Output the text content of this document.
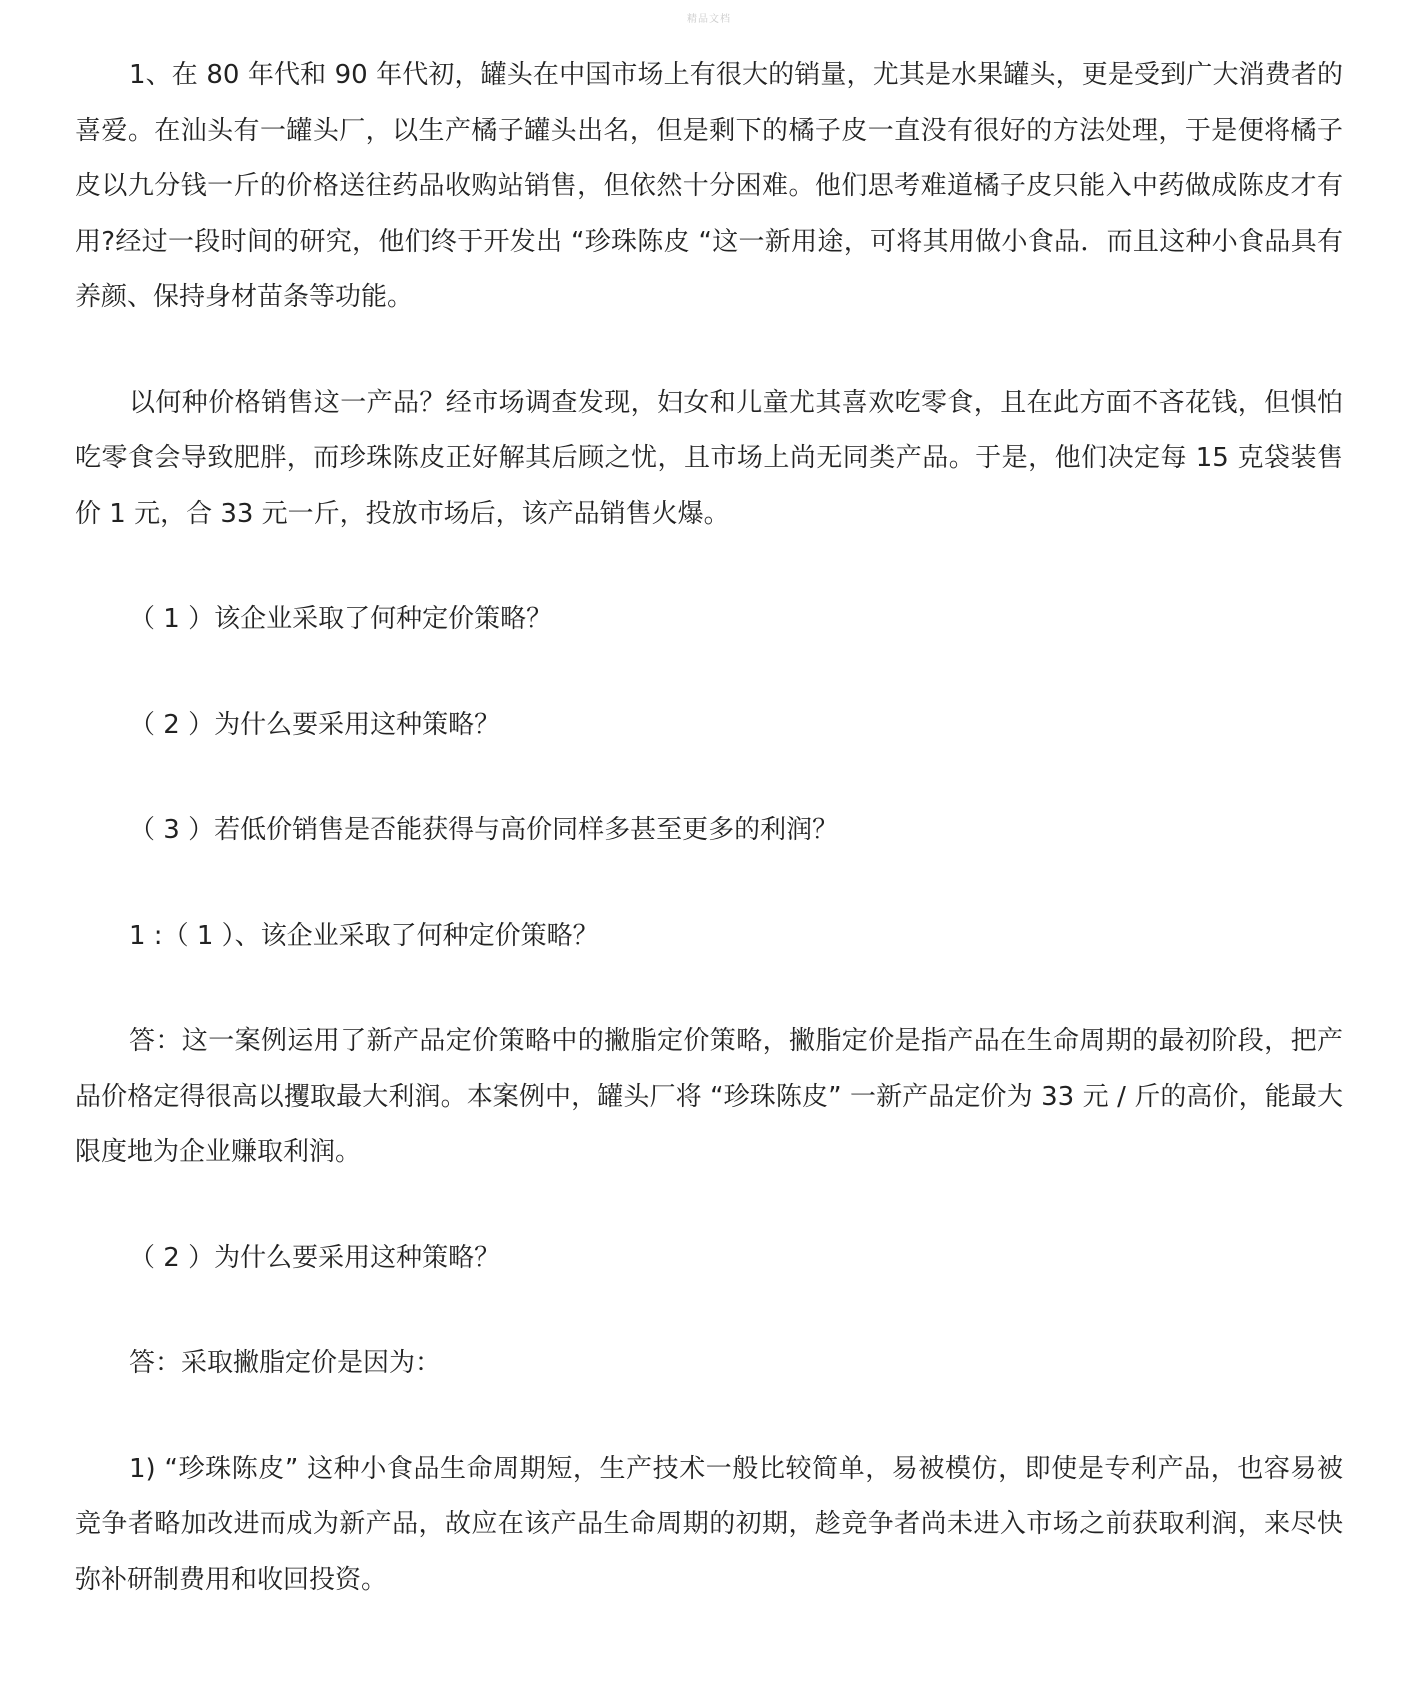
精品文档

1、在 80 年代和 90 年代初，罐头在中国市场上有很大的销量，尤其是水果罐头，更是受到广大消费者的喜爱。在汕头有一罐头厂，以生产橘子罐头出名，但是剩下的橘子皮一直没有很好的方法处理，于是便将橘子皮以九分钱一斤的价格送往药品收购站销售，但依然十分困难。他们思考难道橘子皮只能入中药做成陈皮才有用?经过一段时间的研究，他们终于开发出 “珍珠陈皮 “这一新用途，可将其用做小食品．而且这种小食品具有养颜、保持身材苗条等功能。

以何种价格销售这一产品？经市场调查发现，妇女和儿童尤其喜欢吃零食，且在此方面不吝花钱，但惧怕吃零食会导致肥胖，而珍珠陈皮正好解其后顾之忧，且市场上尚无同类产品。于是，他们决定每 15 克袋装售价 1 元，合 33 元一斤，投放市场后，该产品销售火爆。

（ 1 ）该企业采取了何种定价策略？

（ 2 ）为什么要采用这种策略？

（ 3 ）若低价销售是否能获得与高价同样多甚至更多的利润？

1 :（ 1 ）、该企业采取了何种定价策略？

答：这一案例运用了新产品定价策略中的撇脂定价策略，撇脂定价是指产品在生命周期的最初阶段，把产品价格定得很高以攫取最大利润。本案例中，罐头厂将 “珍珠陈皮” 一新产品定价为 33 元 / 斤的高价，能最大限度地为企业赚取利润。

（ 2 ）为什么要采用这种策略？

答：采取撇脂定价是因为：

1) “珍珠陈皮” 这种小食品生命周期短，生产技术一般比较简单，易被模仿，即使是专利产品，也容易被竞争者略加改进而成为新产品，故应在该产品生命周期的初期，趁竞争者尚未进入市场之前获取利润，来尽快弥补研制费用和收回投资。
